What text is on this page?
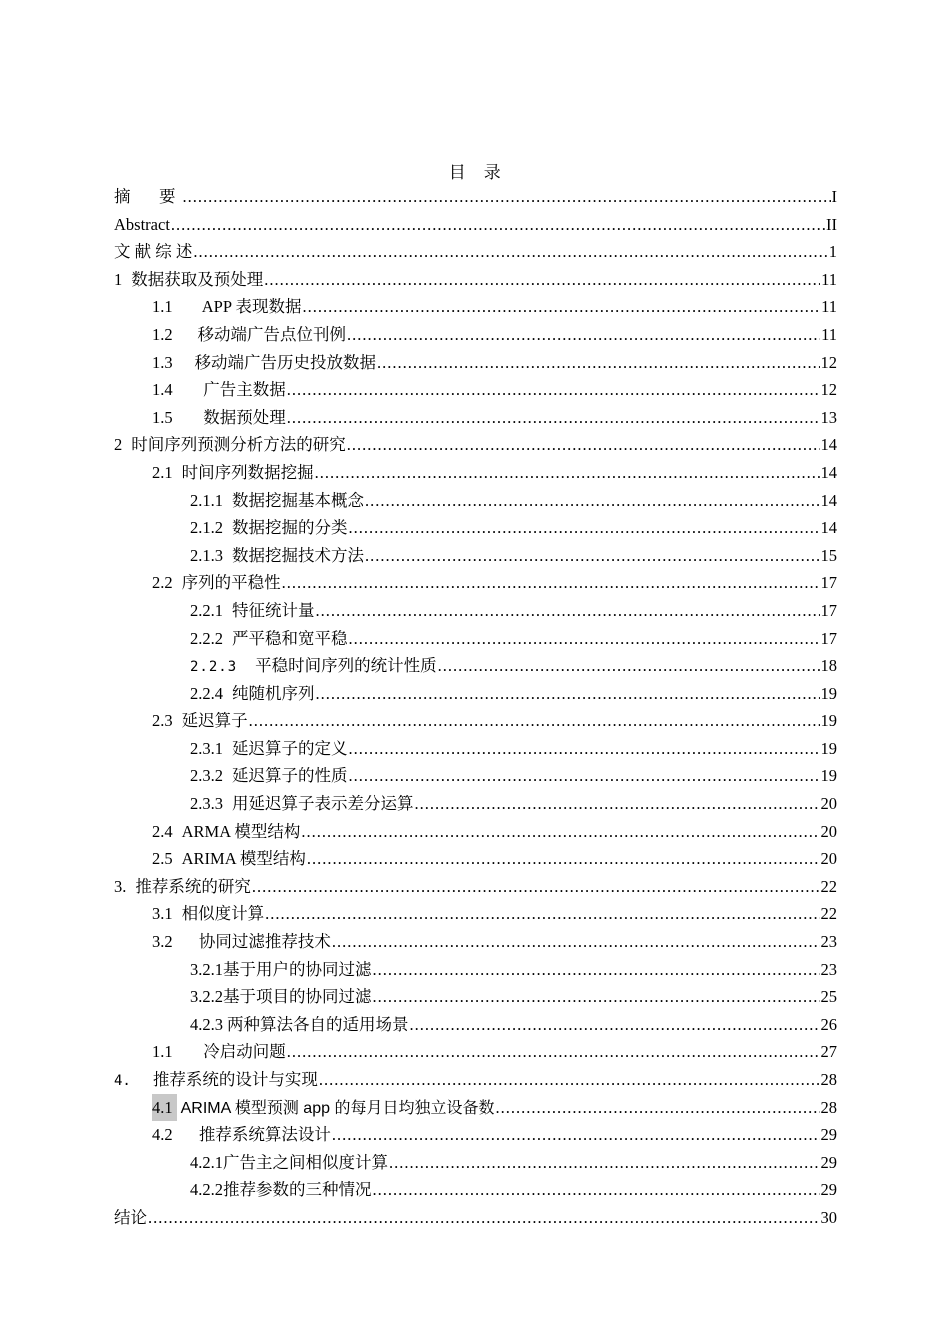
目　录
摘　要 .....	I
Abstract .....	II
文 献 综 述 .....	1
1 数据获取及预处理 .....	11
1.1	APP 表现数据 .....	11
1.2	移动端广告点位刊例 .....	11
1.3	移动端广告历史投放数据 .....	12
1.4	广告主数据 .....	12
1.5	数据预处理 .....	13
2 时间序列预测分析方法的研究 .....	14
2.1 时间序列数据挖掘 .....	14
2.1.1 数据挖掘基本概念 .....	14
2.1.2 数据挖掘的分类 .....	14
2.1.3 数据挖掘技术方法 .....	15
2.2 序列的平稳性 .....	17
2.2.1 特征统计量 .....	17
2.2.2 严平稳和宽平稳 .....	17
2.2.3 平稳时间序列的统计性质 .....	18
2.2.4 纯随机序列 .....	19
2.3 延迟算子 .....	19
2.3.1 延迟算子的定义 .....	19
2.3.2 延迟算子的性质 .....	19
2.3.3 用延迟算子表示差分运算 .....	20
2.4 ARMA 模型结构 .....	20
2.5 ARIMA 模型结构 .....	20
3. 推荐系统的研究 .....	22
3.1 相似度计算 .....	22
3.2	协同过滤推荐技术 .....	23
3.2.1 基于用户的协同过滤 .....	23
3.2.2 基于项目的协同过滤 .....	25
4.2.3 两种算法各自的适用场景 .....	26
1.1	冷启动问题 .....	27
4. 推荐系统的设计与实现 .....	28
4.1 ARIMA 模型预测 app 的每月日均独立设备数 .....	28
4.2	推荐系统算法设计 .....	29
4.2.1 广告主之间相似度计算 .....	29
4.2.2 推荐参数的三种情况 .....	29
结论 .....	30
